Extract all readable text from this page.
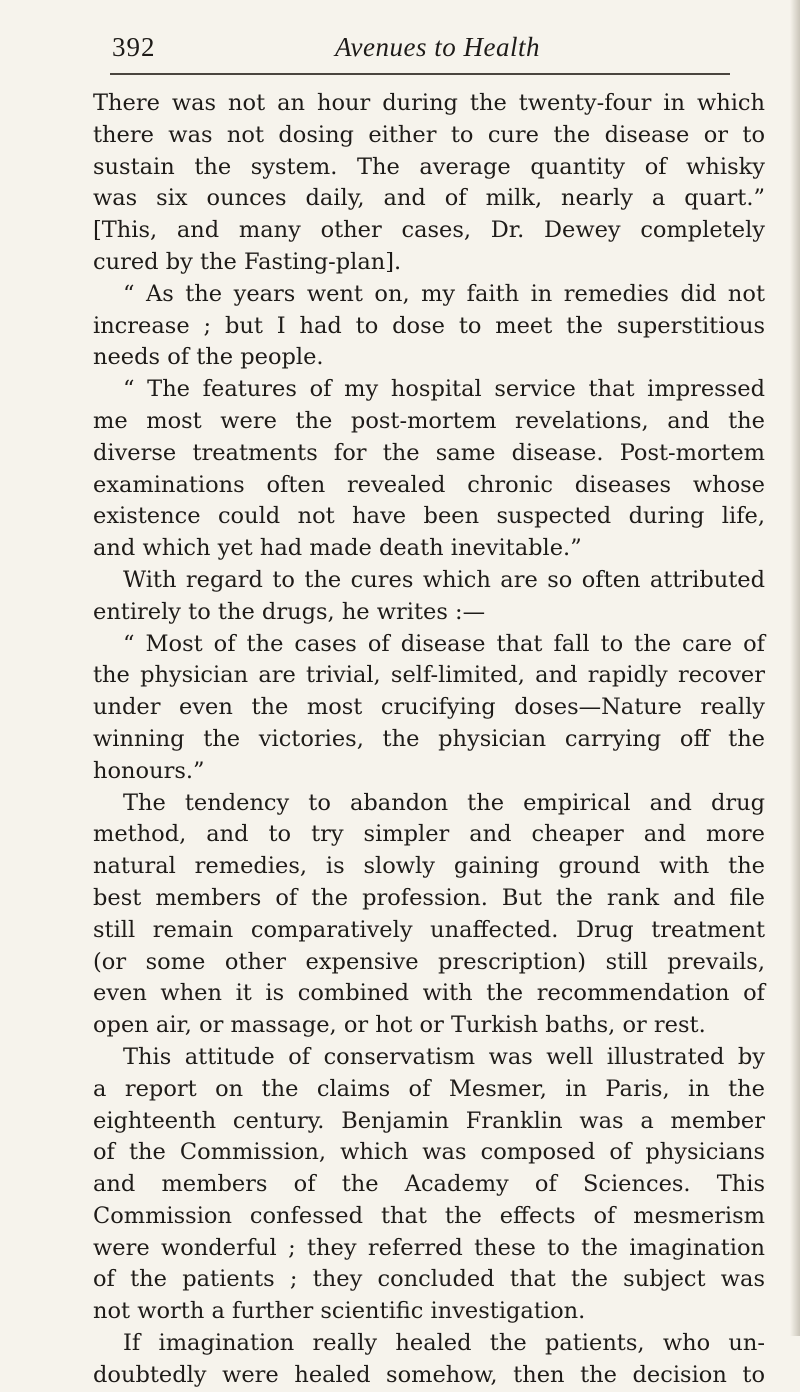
392	Avenues to Health
There was not an hour during the twenty-four in which
there was not dosing either to cure the disease or to
sustain the system. The average quantity of whisky
was six ounces daily, and of milk, nearly a quart.”
[This, and many other cases, Dr. Dewey completely
cured by the Fasting-plan].
“ As the years went on, my faith in remedies did not
increase ; but I had to dose to meet the superstitious
needs of the people.
“ The features of my hospital service that impressed
me most were the post-mortem revelations, and the
diverse treatments for the same disease. Post-mortem
examinations often revealed chronic diseases whose
existence could not have been suspected during life,
and which yet had made death inevitable.”
With regard to the cures which are so often attributed
entirely to the drugs, he writes :—
“ Most of the cases of disease that fall to the care of
the physician are trivial, self-limited, and rapidly recover
under even the most crucifying doses—Nature really
winning the victories, the physician carrying off the
honours.”
The tendency to abandon the empirical and drug
method, and to try simpler and cheaper and more
natural remedies, is slowly gaining ground with the
best members of the profession. But the rank and file
still remain comparatively unaffected. Drug treatment
(or some other expensive prescription) still prevails,
even when it is combined with the recommendation of
open air, or massage, or hot or Turkish baths, or rest.
This attitude of conservatism was well illustrated by
a report on the claims of Mesmer, in Paris, in the
eighteenth century. Benjamin Franklin was a member
of the Commission, which was composed of physicians
and members of the Academy of Sciences. This
Commission confessed that the effects of mesmerism
were wonderful ; they referred these to the imagination
of the patients ; they concluded that the subject was
not worth a further scientific investigation.
If imagination really healed the patients, who un-
doubtedly were healed somehow, then the decision to
